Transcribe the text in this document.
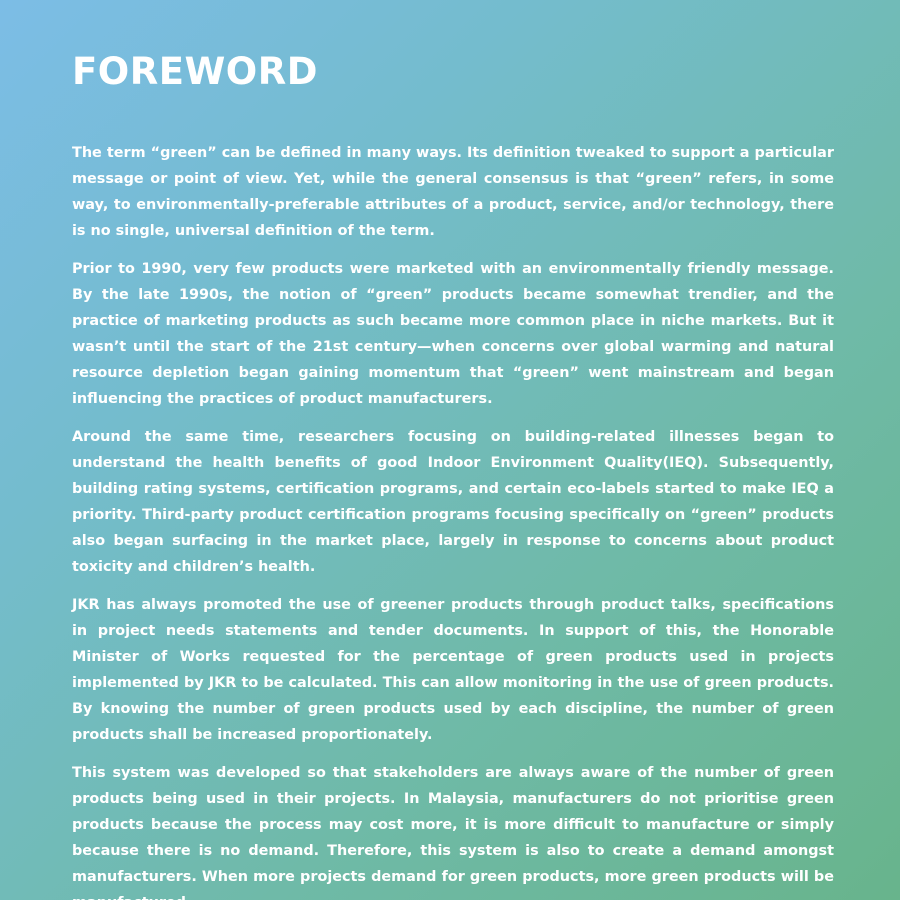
FOREWORD

The term “green” can be defined in many ways. Its definition tweaked to support a particular message or point of view. Yet, while the general consensus is that “green” refers, in some way, to environmentally-preferable attributes of a product, service, and/or technology, there is no single, universal definition of the term.

Prior to 1990, very few products were marketed with an environmentally friendly message. By the late 1990s, the notion of “green” products became somewhat trendier, and the practice of marketing products as such became more common place in niche markets. But it wasn’t until the start of the 21st century—when concerns over global warming and natural resource depletion began gaining momentum that “green” went mainstream and began influencing the practices of product manufacturers.

Around the same time, researchers focusing on building-related illnesses began to understand the health benefits of good Indoor Environment Quality(IEQ). Subsequently, building rating systems, certification programs, and certain eco-labels started to make IEQ a priority. Third-party product certification programs focusing specifically on “green” products also began surfacing in the market place, largely in response to concerns about product toxicity and children’s health.

JKR has always promoted the use of greener products through product talks, specifications in project needs statements and tender documents. In support of this, the Honorable Minister of Works requested for the percentage of green products used in projects implemented by JKR to be calculated. This can allow monitoring in the use of green products. By knowing the number of green products used by each discipline, the number of green products shall be increased proportionately.

This system was developed so that stakeholders are always aware of the number of green products being used in their projects. In Malaysia, manufacturers do not prioritise green products because the process may cost more, it is more difficult to manufacture or simply because there is no demand. Therefore, this system is also to create a demand amongst manufacturers. When more projects demand for green products, more green products will be manufactured.
